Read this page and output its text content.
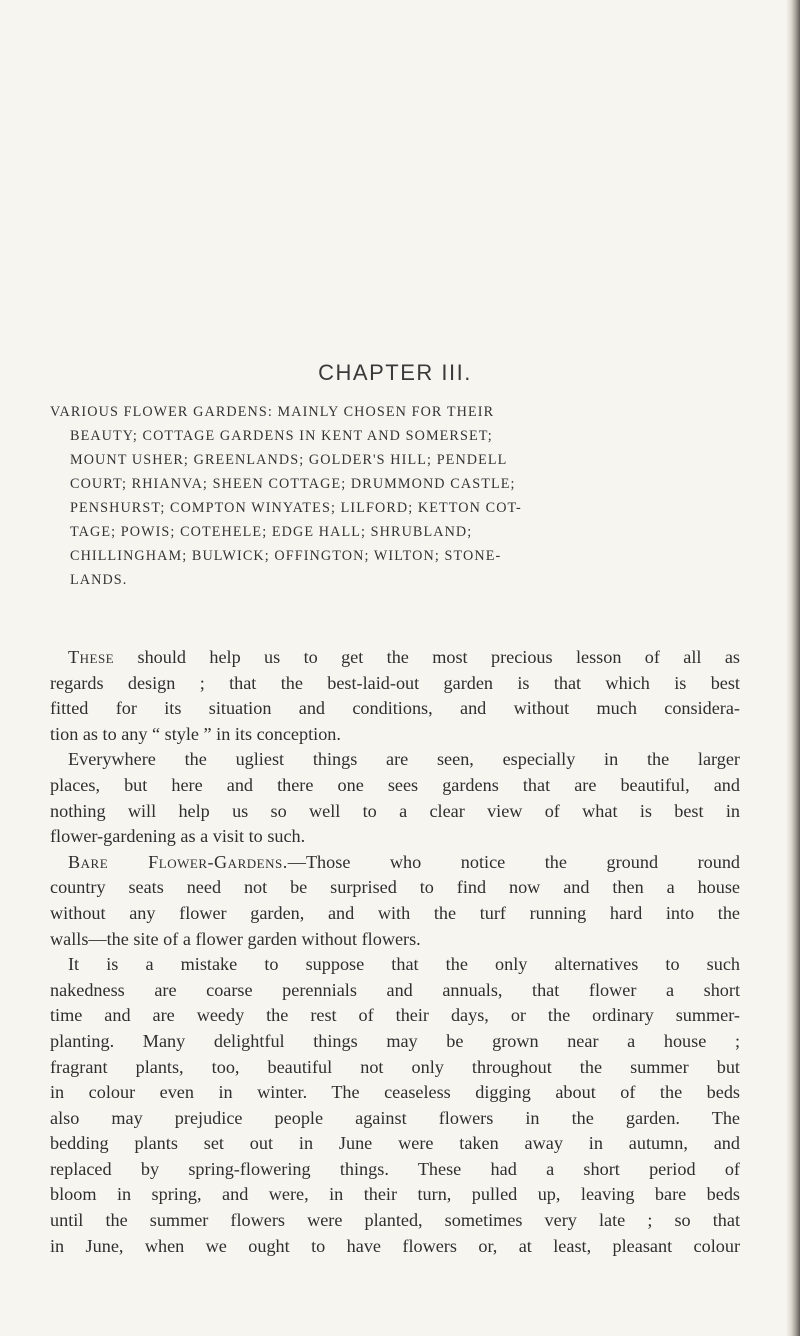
CHAPTER III.
VARIOUS FLOWER GARDENS: MAINLY CHOSEN FOR THEIR
BEAUTY; COTTAGE GARDENS IN KENT AND SOMERSET;
MOUNT USHER; GREENLANDS; GOLDER'S HILL; PENDELL
COURT; RHIANVA; SHEEN COTTAGE; DRUMMOND CASTLE;
PENSHURST; COMPTON WINYATES; LILFORD; KETTON COT-
TAGE; POWIS; COTEHELE; EDGE HALL; SHRUBLAND;
CHILLINGHAM; BULWICK; OFFINGTON; WILTON; STONE-
LANDS.
These should help us to get the most precious lesson of all as
regards design ; that the best-laid-out garden is that which is best
fitted for its situation and conditions, and without much considera-
tion as to any “ style ” in its conception.
Everywhere the ugliest things are seen, especially in the larger
places, but here and there one sees gardens that are beautiful, and
nothing will help us so well to a clear view of what is best in
flower-gardening as a visit to such.
Bare Flower-Gardens.—Those who notice the ground round
country seats need not be surprised to find now and then a house
without any flower garden, and with the turf running hard into the
walls—the site of a flower garden without flowers.
It is a mistake to suppose that the only alternatives to such
nakedness are coarse perennials and annuals, that flower a short
time and are weedy the rest of their days, or the ordinary summer-
planting. Many delightful things may be grown near a house ;
fragrant plants, too, beautiful not only throughout the summer but
in colour even in winter. The ceaseless digging about of the beds
also may prejudice people against flowers in the garden. The
bedding plants set out in June were taken away in autumn, and
replaced by spring-flowering things. These had a short period of
bloom in spring, and were, in their turn, pulled up, leaving bare beds
until the summer flowers were planted, sometimes very late ; so that
in June, when we ought to have flowers or, at least, pleasant colour
